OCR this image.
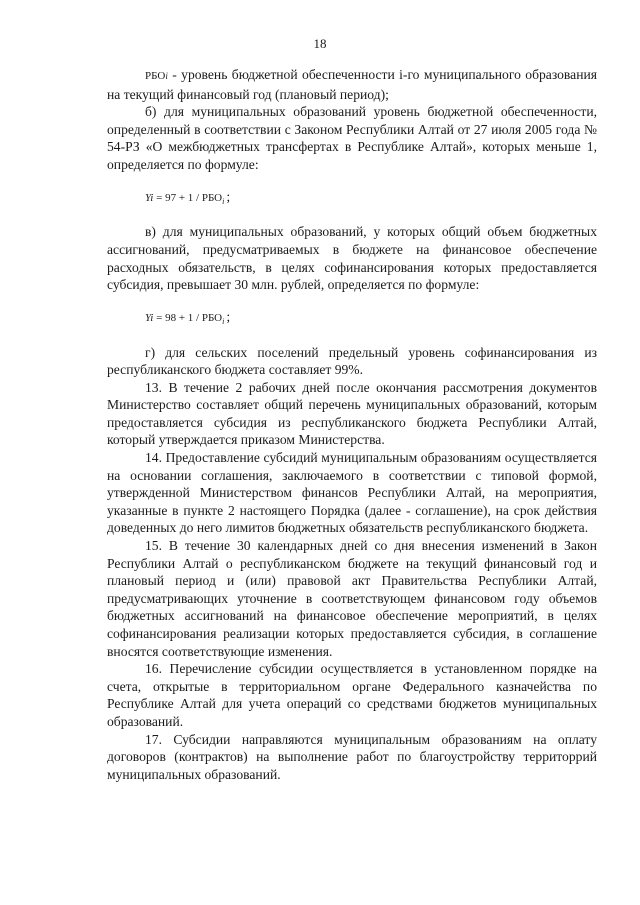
18

РБОi - уровень бюджетной обеспеченности i-го муниципального образования на текущий финансовый год (плановый период);

б) для муниципальных образований уровень бюджетной обеспеченности, определенный в соответствии с Законом Республики Алтай от 27 июля 2005 года № 54-РЗ «О межбюджетных трансфертах в Республике Алтай», которых меньше 1, определяется по формуле:

$Yi = 97 + 1 / РБО_i$ ;

в) для муниципальных образований, у которых общий объем бюджетных ассигнований, предусматриваемых в бюджете на финансовое обеспечение расходных обязательств, в целях софинансирования которых предоставляется субсидия, превышает 30 млн. рублей, определяется по формуле:

$Yi = 98 + 1 / РБО_i$ ;

г) для сельских поселений предельный уровень софинансирования из республиканского бюджета составляет 99%.

13. В течение 2 рабочих дней после окончания рассмотрения документов Министерство составляет общий перечень муниципальных образований, которым предоставляется субсидия из республиканского бюджета Республики Алтай, который утверждается приказом Министерства.

14. Предоставление субсидий муниципальным образованиям осуществляется на основании соглашения, заключаемого в соответствии с типовой формой, утвержденной Министерством финансов Республики Алтай, на мероприятия, указанные в пункте 2 настоящего Порядка (далее - соглашение), на срок действия доведенных до него лимитов бюджетных обязательств республиканского бюджета.

15. В течение 30 календарных дней со дня внесения изменений в Закон Республики Алтай о республиканском бюджете на текущий финансовый год и плановый период и (или) правовой акт Правительства Республики Алтай, предусматривающих уточнение в соответствующем финансовом году объемов бюджетных ассигнований на финансовое обеспечение мероприятий, в целях софинансирования реализации которых предоставляется субсидия, в соглашение вносятся соответствующие изменения.

16. Перечисление субсидии осуществляется в установленном порядке на счета, открытые в территориальном органе Федерального казначейства по Республике Алтай для учета операций со средствами бюджетов муниципальных образований.

17. Субсидии направляются муниципальным образованиям на оплату договоров (контрактов) на выполнение работ по благоустройству территоррий муниципальных образований.
